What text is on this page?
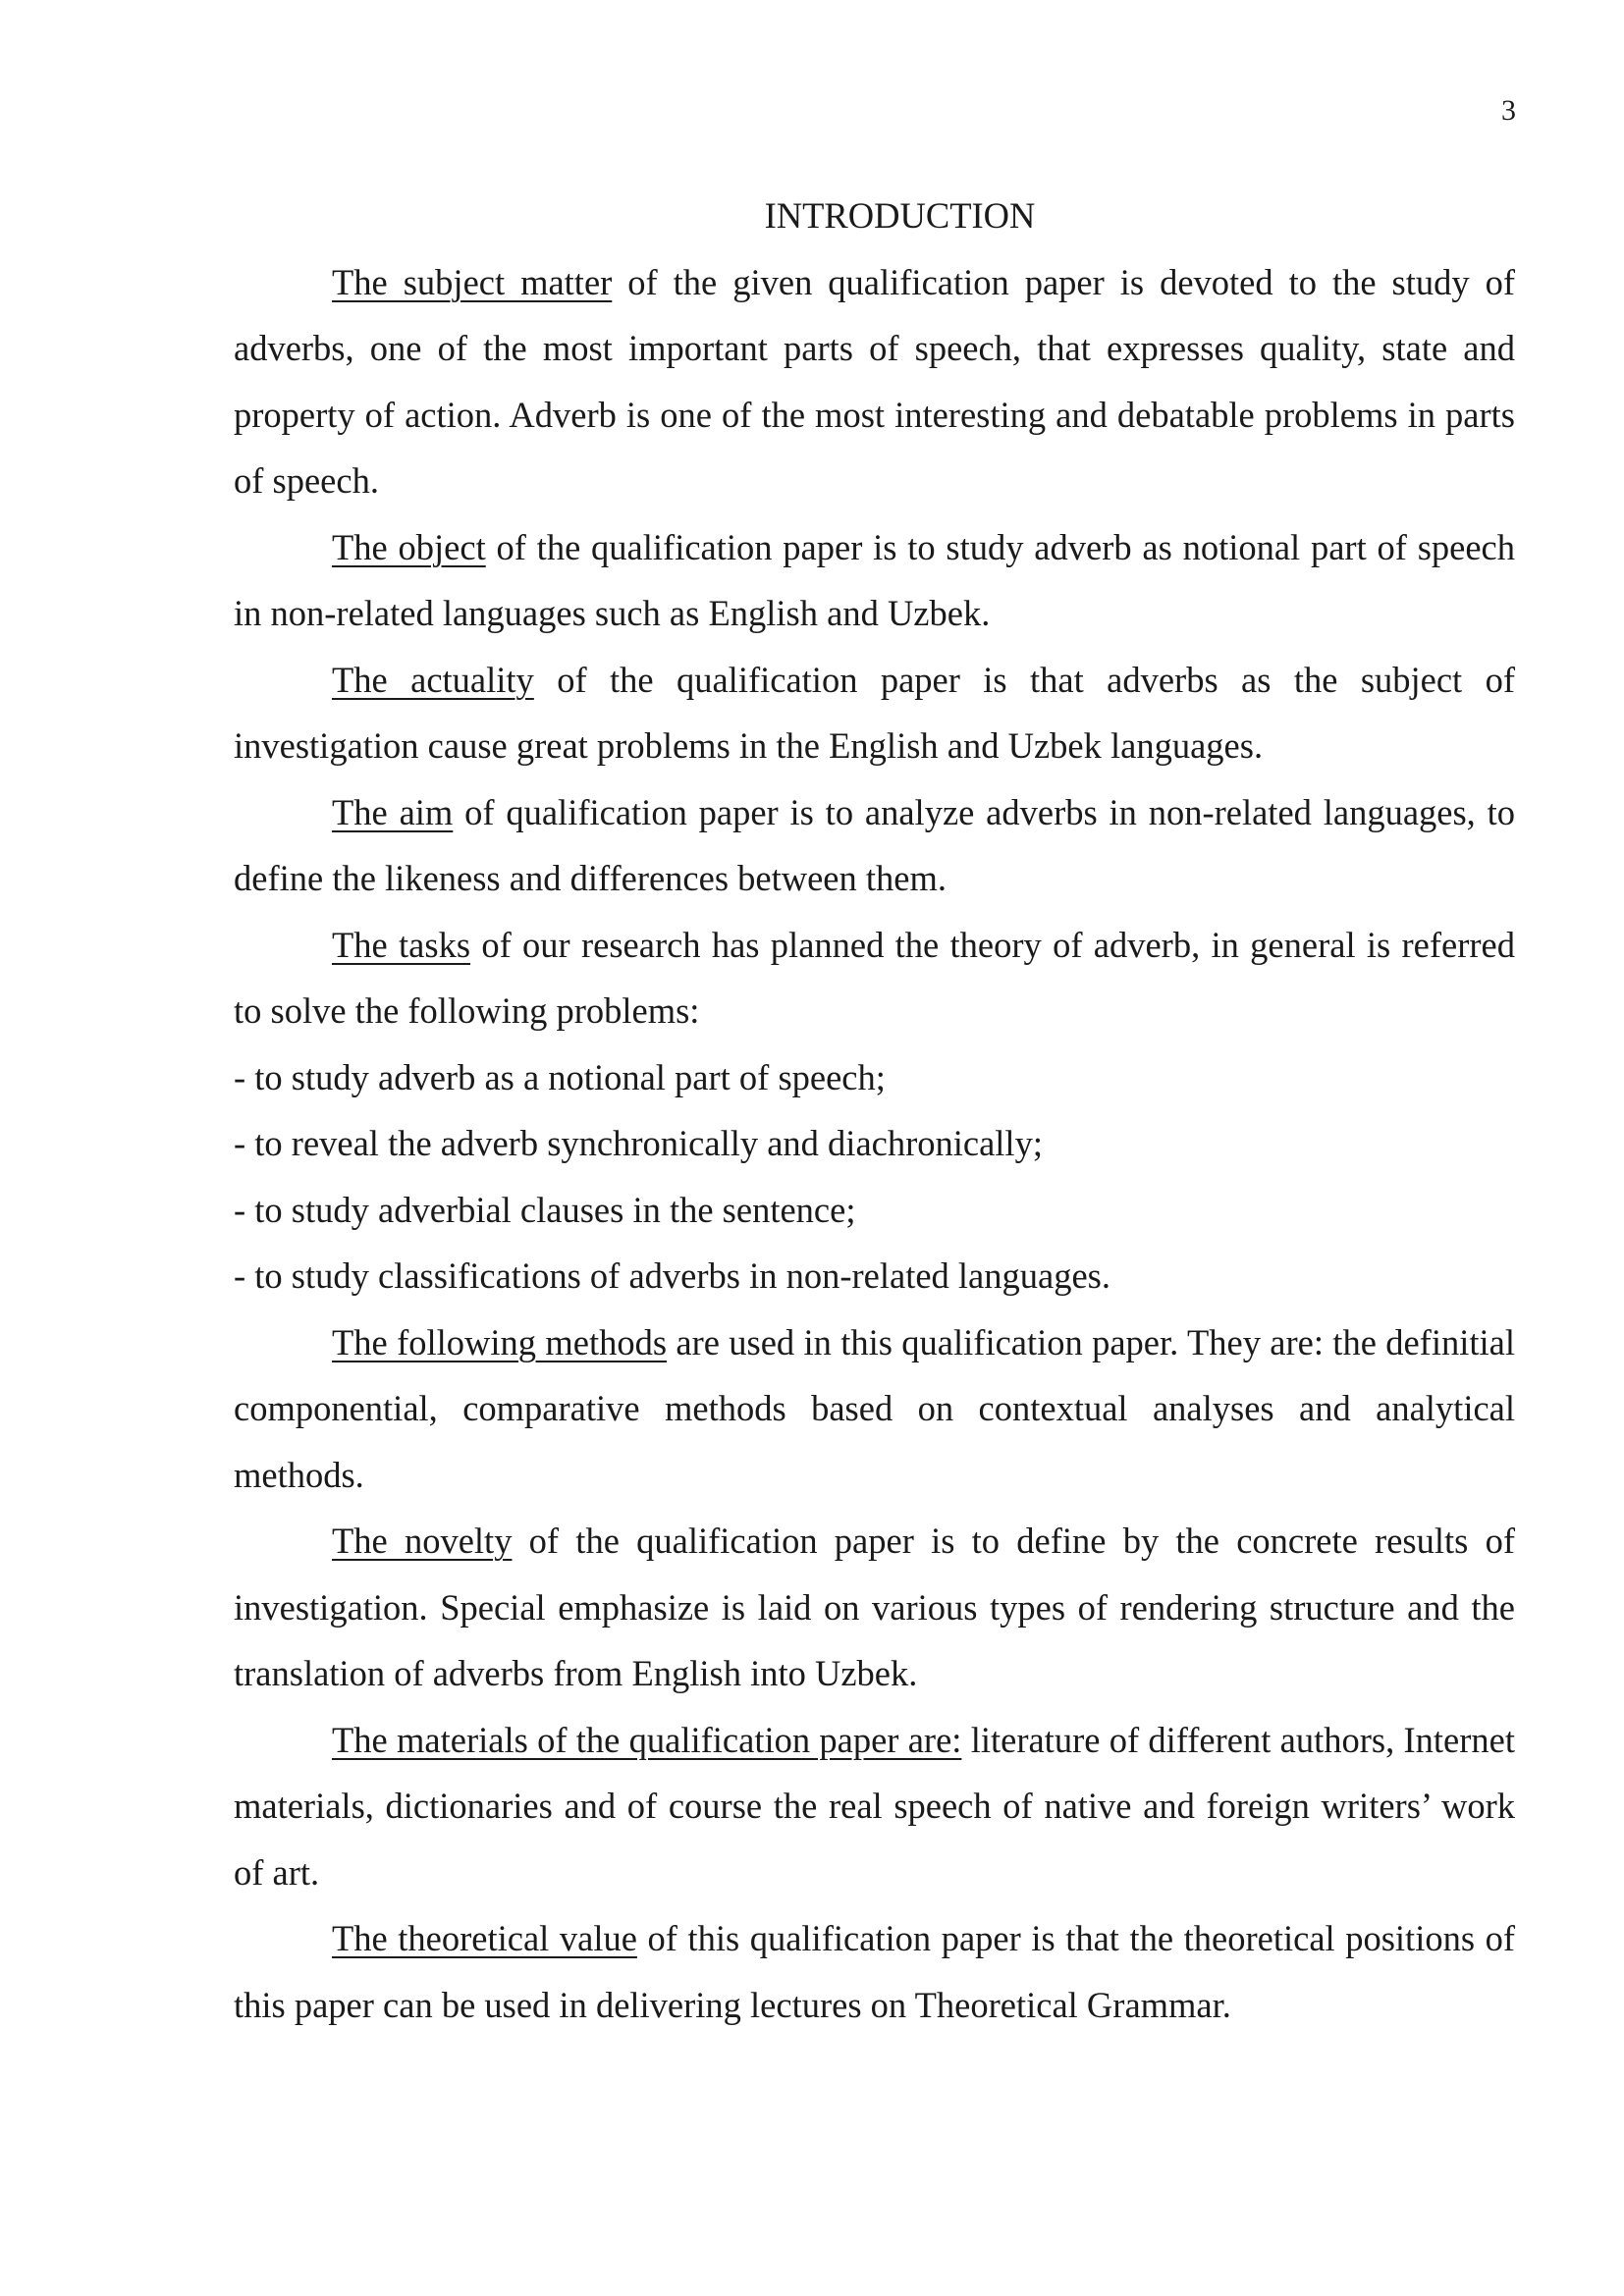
3
INTRODUCTION

The subject matter of the given qualification paper is devoted to the study of adverbs, one of the most important parts of speech, that expresses quality, state and property of action. Adverb is one of the most interesting and debatable problems in parts of speech.

The object of the qualification paper is to study adverb as notional part of speech in non-related languages such as English and Uzbek.

The actuality of the qualification paper is that adverbs as the subject of investigation cause great problems in the English and Uzbek languages.

The aim of qualification paper is to analyze adverbs in non-related languages, to define the likeness and differences between them.

The tasks of our research has planned the theory of adverb, in general is referred to solve the following problems:

- to study adverb as a notional part of speech;

- to reveal the adverb synchronically and diachronically;

- to study adverbial clauses in the sentence;

- to study classifications of adverbs in non-related languages.

The following methods are used in this qualification paper. They are: the definitial componential, comparative methods based on contextual analyses and analytical methods.

The novelty of the qualification paper is to define by the concrete results of investigation. Special emphasize is laid on various types of rendering structure and the translation of adverbs from English into Uzbek.

The materials of the qualification paper are: literature of different authors, Internet materials, dictionaries and of course the real speech of native and foreign writers’ work of art.

The theoretical value of this qualification paper is that the theoretical positions of this paper can be used in delivering lectures on Theoretical Grammar.
